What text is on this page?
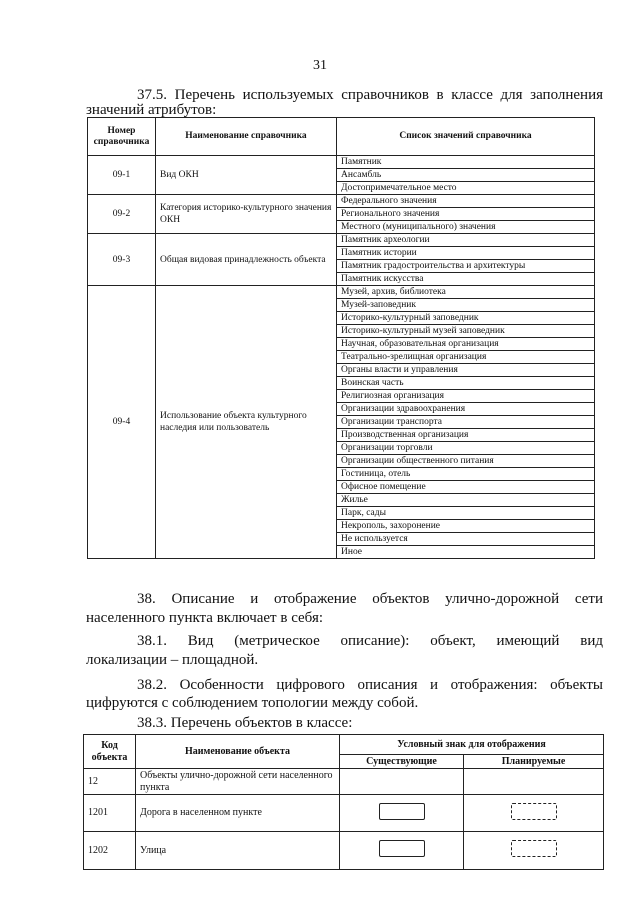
31
37.5. Перечень используемых справочников в классе для заполнения
значений атрибутов:
Номер справочника	Наименование справочника	Список значений справочника
09-1	Вид ОКН	Памятник
		Ансамбль
		Достопримечательное место
09-2	Категория историко-культурного значения ОКН	Федерального значения
		Регионального значения
		Местного (муниципального) значения
09-3	Общая видовая принадлежность объекта	Памятник археологии
		Памятник истории
		Памятник градостроительства и архитектуры
		Памятник искусства
09-4	Использование объекта культурного наследия или пользователь	Музей, архив, библиотека
		Музей-заповедник
		Историко-культурный заповедник
		Историко-культурный музей заповедник
		Научная, образовательная организация
		Театрально-зрелищная организация
		Органы власти и управления
		Воинская часть
		Религиозная организация
		Организации здравоохранения
		Организации транспорта
		Производственная организация
		Организации торговли
		Организации общественного питания
		Гостиница, отель
		Офисное помещение
		Жилье
		Парк, сады
		Некрополь, захоронение
		Не используется
		Иное
38. Описание и отображение объектов улично-дорожной сети
населенного пункта включает в себя:
38.1. Вид (метрическое описание): объект, имеющий вид
локализации – площадной.
38.2. Особенности цифрового описания и отображения: объекты
цифруются с соблюдением топологии между собой.
38.3. Перечень объектов в классе:
Код объекта	Наименование объекта	Условный знак для отображения	
		Существующие	Планируемые
12	Объекты улично-дорожной сети населенного пункта		
1201	Дорога в населенном пункте		
1202	Улица		
